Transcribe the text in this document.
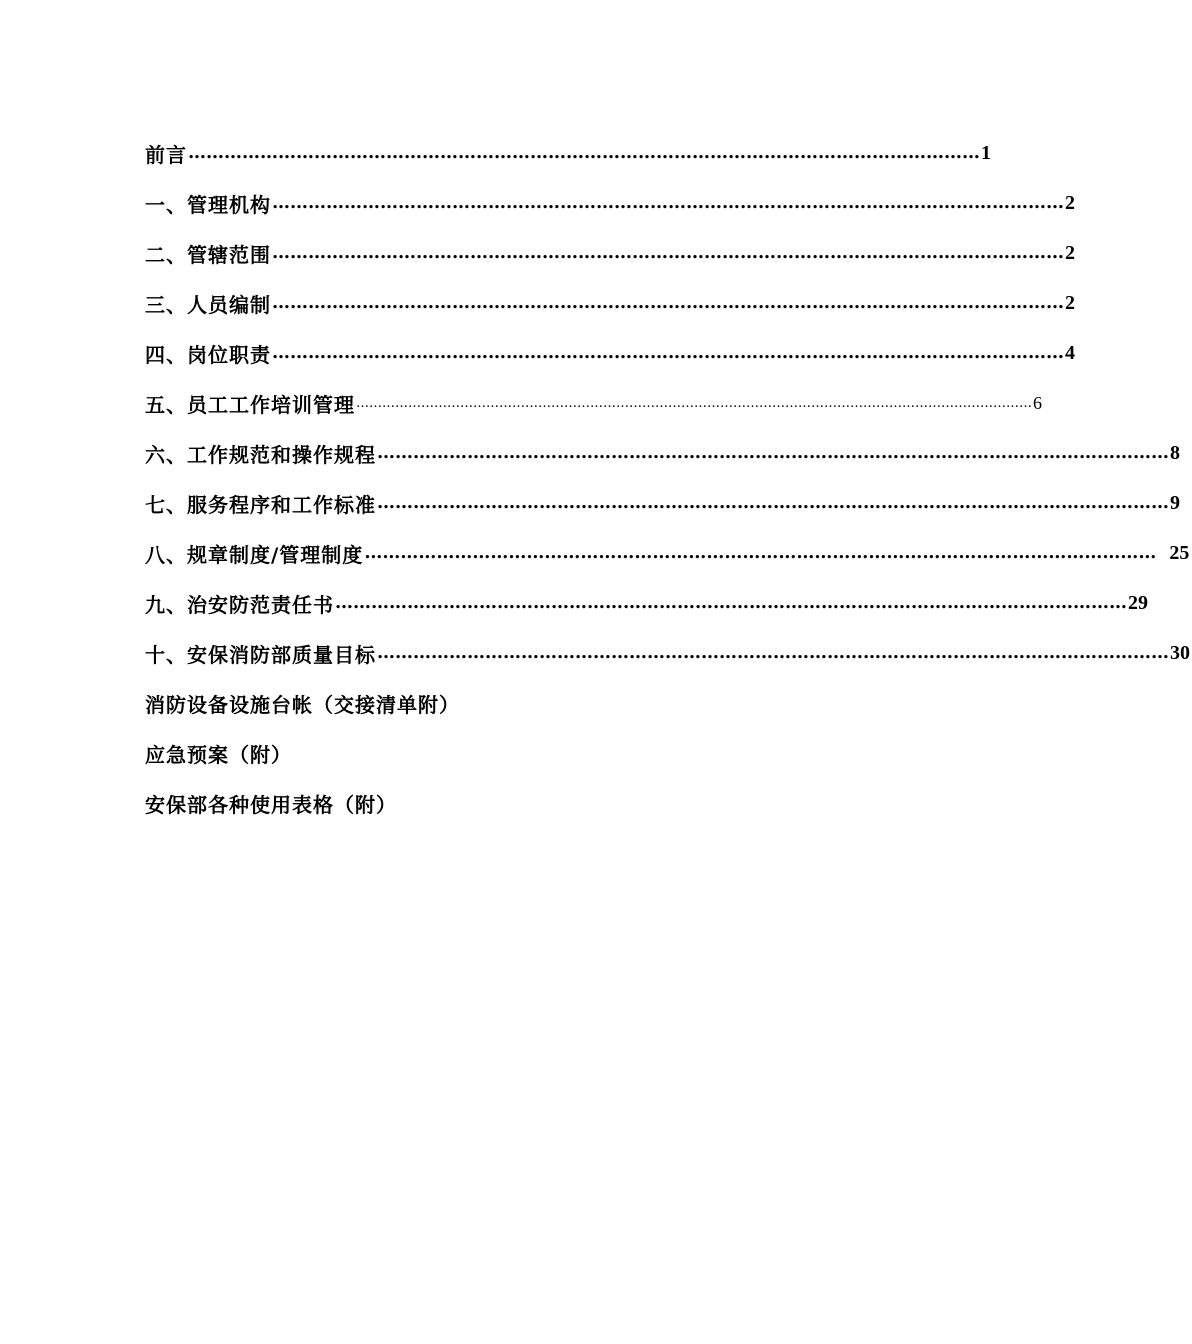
前言 …………………………………………………………………………………………………………………… 1
一、管理机构 …………………………………………………………………………………………………………………… 2
二、管辖范围 …………………………………………………………………………………………………………………… 2
三、人员编制 …………………………………………………………………………………………………………………… 2
四、岗位职责 …………………………………………………………………………………………………………………… 4
五、员工工作培训管理 ………………………………………………………………………………………………………………………………………… 6
六、工作规范和操作规程 …………………………………………………………………………………………………………………… 8
七、服务程序和工作标准 …………………………………………………………………………………………………………………… 9
八、规章制度/管理制度 …………………………………………………………………………………………………………………… 25
九、治安防范责任书 …………………………………………………………………………………………………………………… 29
十、安保消防部质量目标 …………………………………………………………………………………………………………………… 30
消防设备设施台帐（交接清单附）
应急预案（附）
安保部各种使用表格（附）
